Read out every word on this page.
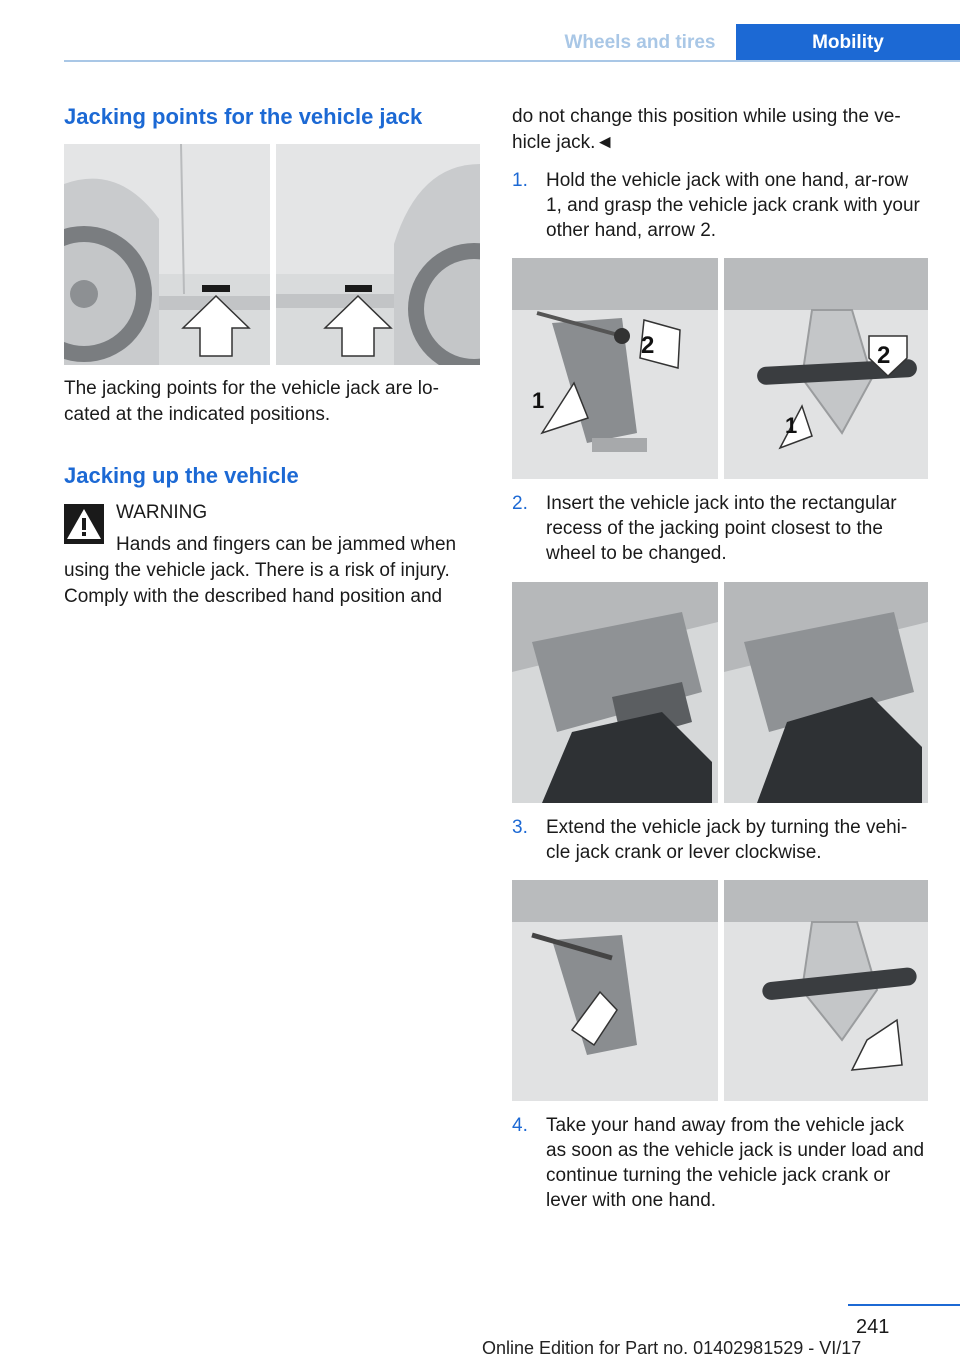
Wheels and tires	Mobility
Jacking points for the vehicle jack

The jacking points for the vehicle jack are lo-cated at the indicated positions.

Jacking up the vehicle
WARNING
Hands and fingers can be jammed when

using the vehicle jack. There is a risk of injury. Comply with the described hand position and

do not change this position while using the ve-hicle jack.◄

1. Hold the vehicle jack with one hand, ar-row 1, and grasp the vehicle jack crank with your other hand, arrow 2.
1
2
1
2
2. Insert the vehicle jack into the rectangular recess of the jacking point closest to the wheel to be changed.
3. Extend the vehicle jack by turning the vehi-cle jack crank or lever clockwise.
4. Take your hand away from the vehicle jack as soon as the vehicle jack is under load and continue turning the vehicle jack crank or lever with one hand.
241
Online Edition for Part no. 01402981529 - VI/17
